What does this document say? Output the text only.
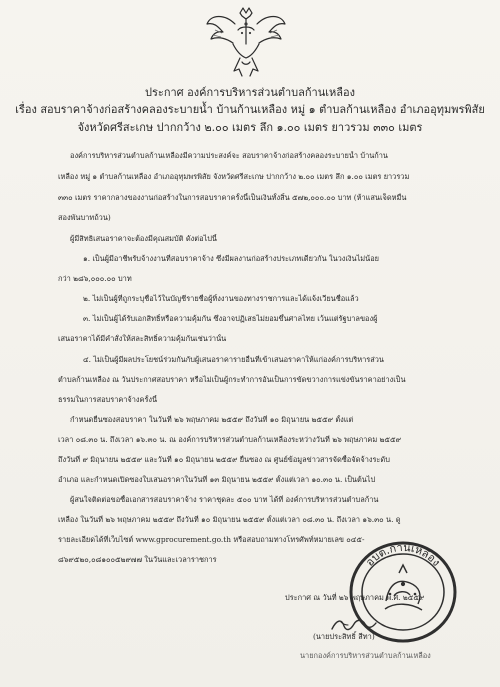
ประกาศ องค์การบริหารส่วนตำบลก้านเหลือง
เรื่อง สอบราคาจ้างก่อสร้างคลองระบายน้ำ บ้านก้านเหลือง หมู่ ๑ ตำบลก้านเหลือง อำเภออุทุมพรพิสัย
จังหวัดศรีสะเกษ ปากกว้าง ๒.๐๐ เมตร ลึก ๑.๐๐ เมตร ยาวรวม ๓๓๐ เมตร
องค์การบริหารส่วนตำบลก้านเหลืองมีความประสงค์จะ สอบราคาจ้างก่อสร้างคลองระบายน้ำ บ้านก้าน
เหลือง หมู่ ๑ ตำบลก้านเหลือง อำเภออุทุมพรพิสัย จังหวัดศรีสะเกษ ปากกว้าง ๒.๐๐ เมตร ลึก ๑.๐๐ เมตร ยาวรวม
๓๓๐ เมตร ราคากลางของงานก่อสร้างในการสอบราคาครั้งนี้เป็นเงินทั้งสิ้น ๕๗๒,๐๐๐.๐๐ บาท (ห้าแสนเจ็ดหมื่น
สองพันบาทถ้วน)
ผู้มีสิทธิเสนอราคาจะต้องมีคุณสมบัติ ดังต่อไปนี้
๑. เป็นผู้มีอาชีพรับจ้างงานที่สอบราคาจ้าง ซึ่งมีผลงานก่อสร้างประเภทเดียวกัน ในวงเงินไม่น้อย
กว่า ๒๘๖,๐๐๐.๐๐ บาท
๒. ไม่เป็นผู้ที่ถูกระบุชื่อไว้ในบัญชีรายชื่อผู้ทิ้งงานของทางราชการและได้แจ้งเวียนชื่อแล้ว
๓. ไม่เป็นผู้ได้รับเอกสิทธิ์หรือความคุ้มกัน ซึ่งอาจปฏิเสธไม่ยอมขึ้นศาลไทย เว้นแต่รัฐบาลของผู้
เสนอราคาได้มีคำสั่งให้สละสิทธิ์ความคุ้มกันเช่นว่านั้น
๔. ไม่เป็นผู้มีผลประโยชน์ร่วมกันกับผู้เสนอราคารายอื่นที่เข้าเสนอราคาให้แก่องค์การบริหารส่วน
ตำบลก้านเหลือง ณ วันประกาศสอบราคา หรือไม่เป็นผู้กระทำการอันเป็นการขัดขวางการแข่งขันราคาอย่างเป็น
ธรรมในการสอบราคาจ้างครั้งนี้
กำหนดยื่นซองสอบราคา ในวันที่ ๒๖ พฤษภาคม ๒๕๕๙ ถึงวันที่ ๑๐ มิถุนายน ๒๕๕๙ ตั้งแต่
เวลา ๐๘.๓๐ น. ถึงเวลา ๑๖.๓๐ น. ณ องค์การบริหารส่วนตำบลก้านเหลืองระหว่างวันที่ ๒๖ พฤษภาคม ๒๕๕๙
ถึงวันที่ ๙ มิถุนายน ๒๕๕๙ และวันที่ ๑๐ มิถุนายน ๒๕๕๙ ยื่นซอง ณ ศูนย์ข้อมูลข่าวสารจัดซื้อจัดจ้างระดับ
อำเภอ และกำหนดเปิดซองใบเสนอราคาในวันที่ ๑๓ มิถุนายน ๒๕๕๙ ตั้งแต่เวลา ๑๐.๓๐ น. เป็นต้นไป
ผู้สนใจติดต่อขอซื้อเอกสารสอบราคาจ้าง ราคาชุดละ ๕๐๐ บาท ได้ที่ องค์การบริหารส่วนตำบลก้าน
เหลือง ในวันที่ ๒๖ พฤษภาคม ๒๕๕๙ ถึงวันที่ ๑๐ มิถุนายน ๒๕๕๙ ตั้งแต่เวลา ๐๘.๓๐ น. ถึงเวลา ๑๖.๓๐ น. ดู
รายละเอียดได้ที่เว็บไซต์ www.gprocurement.go.th หรือสอบถามทางโทรศัพท์หมายเลข ๐๔๕-
๘๖๙๕๒๐,๐๘๑๐๐๕๒๙๗๗ ในวันและเวลาราชการ	อบต.ก้านเหลือง
ประกาศ ณ วันที่ ๒๖ พฤษภาคม พ.ศ. ๒๕๕๙
(นายประสิทธิ์ สีทา)
นายกองค์การบริหารส่วนตำบลก้านเหลือง
